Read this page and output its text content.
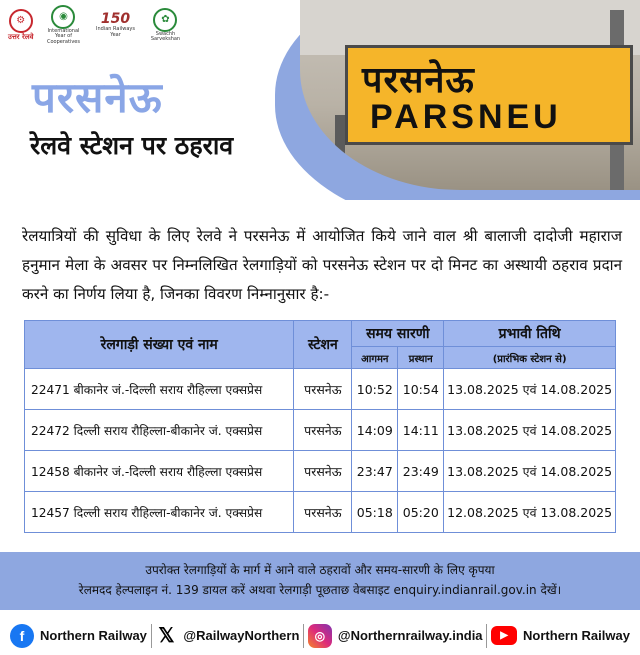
परसनेऊ
PARSNEU
⚙
उत्तर रेलवे
◉
International Year of Cooperatives
150
Indian Railways Year
✿
Swachh Sarvekshan
परसनेऊ
रेलवे स्टेशन पर ठहराव

रेलयात्रियों की सुविधा के लिए रेलवे ने परसनेऊ में आयोजित किये जाने वाल श्री बालाजी दादोजी महाराज हनुमान मेला के अवसर पर निम्नलिखित रेलगाड़ियों को परसनेऊ स्टेशन पर दो मिनट का अस्थायी ठहराव प्रदान करने का निर्णय लिया है, जिनका विवरण निम्नानुसार है:-

रेलगाड़ी संख्या एवं नाम	स्टेशन	समय सारणी		प्रभावी तिथि
		आगमन	प्रस्थान	(प्रारंभिक स्टेशन से)
22471 बीकानेर जं.-दिल्ली सराय रौहिल्ला एक्सप्रेस	परसनेऊ	10:52	10:54	13.08.2025 एवं 14.08.2025
22472 दिल्ली सराय रौहिल्ला-बीकानेर जं. एक्सप्रेस	परसनेऊ	14:09	14:11	13.08.2025 एवं 14.08.2025
12458 बीकानेर जं.-दिल्ली सराय रौहिल्ला एक्सप्रेस	परसनेऊ	23:47	23:49	13.08.2025 एवं 14.08.2025
12457 दिल्ली सराय रौहिल्ला-बीकानेर जं. एक्सप्रेस	परसनेऊ	05:18	05:20	12.08.2025 एवं 13.08.2025
उपरोक्त रेलगाड़ियों के मार्ग में आने वाले ठहरावों और समय-सारणी के लिए कृपया
रेलमदद हेल्पलाइन नं. 139 डायल करें अथवा रेलगाड़ी पूछताछ वेबसाइट enquiry.indianrail.gov.in देखें।
f	Northern Railway 𝕏 @RailwayNorthern	◎ @Northernrailway.india	▶	Northern Railway
